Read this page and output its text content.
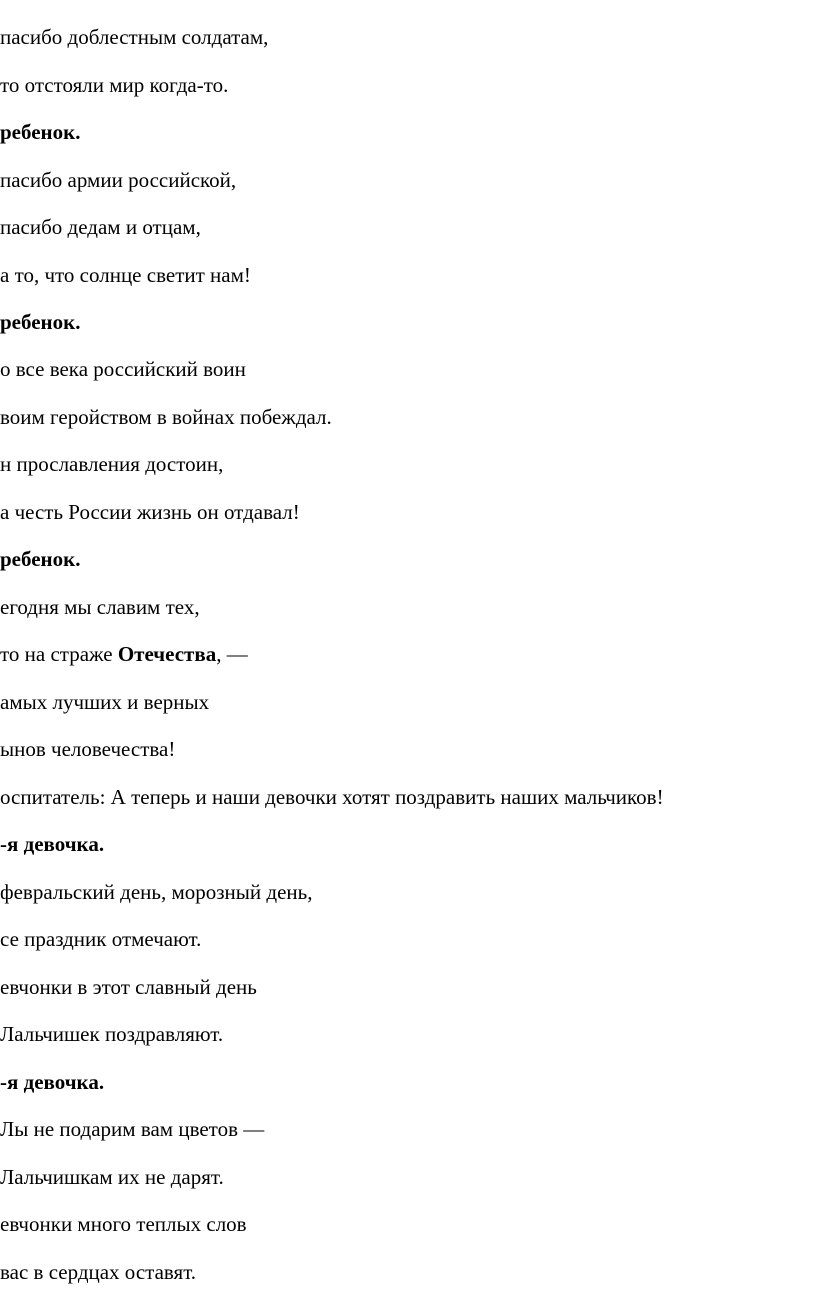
пасибо доблестным солдатам,

то отстояли мир когда-то.

ребенок.

пасибо армии российской,

пасибо дедам и отцам,

а то, что солнце светит нам!

ребенок.

о все века российский воин

воим геройством в войнах побеждал.

н прославления достоин,

а честь России жизнь он отдавал!

ребенок.

егодня мы славим тех,

то на страже Отечества, —

амых лучших и верных

ынов человечества!

оспитатель: А теперь и наши девочки хотят поздравить наших мальчиков!

-я девочка.

февральский день, морозный день,

се праздник отмечают.

евчонки в этот славный день

Лальчишек поздравляют.

-я девочка.

Лы не подарим вам цветов —

Лальчишкам их не дарят.

евчонки много теплых слов

вас в сердцах оставят.
